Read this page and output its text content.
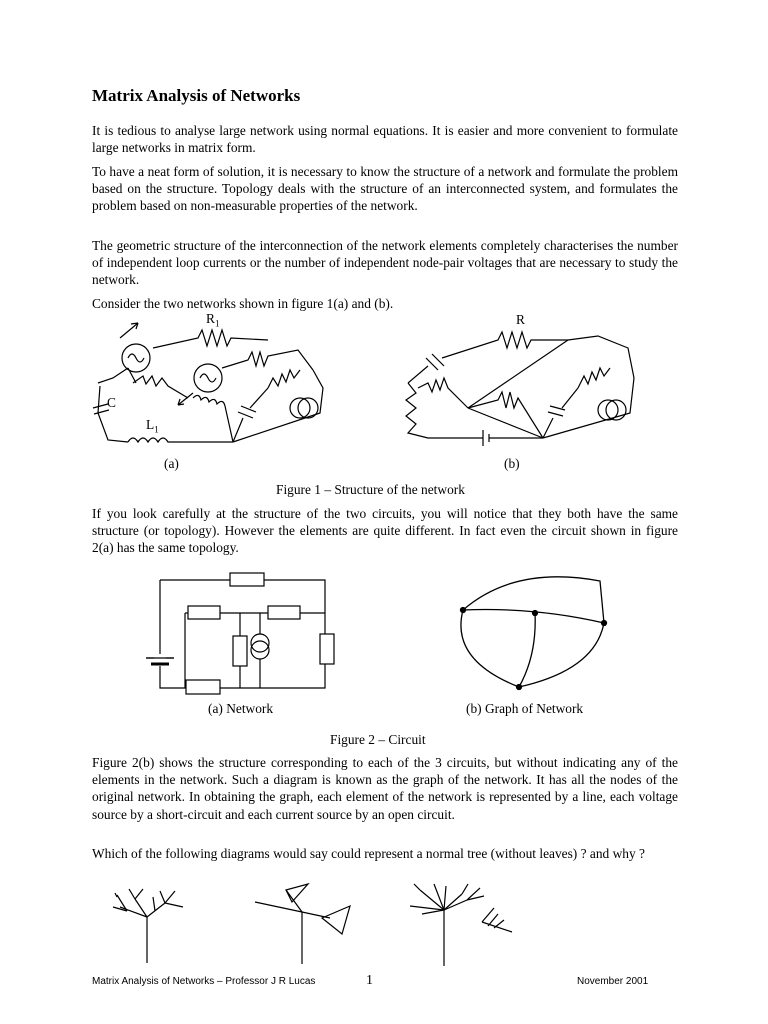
Matrix Analysis of Networks

It is tedious to analyse large network using normal equations. It is easier and more convenient to formulate large networks in matrix form.

To have a neat form of solution, it is necessary to know the structure of a network and formulate the problem based on the structure. Topology deals with the structure of an interconnected system, and formulates the problem based on non-measurable properties of the network.

The geometric structure of the interconnection of the network elements completely characterises the number of independent loop currents or the number of independent node-pair voltages that are necessary to study the network.

Consider the two networks shown in figure 1(a) and (b).

$R_1$
C
$L_1$
(a)
R
(b)
Figure 1 – Structure of the network

If you look carefully at the structure of the two circuits, you will notice that they both have the same structure (or topology). However the elements are quite different. In fact even the circuit shown in figure 2(a) has the same topology.

(a) Network	(b) Graph of Network
Figure 2 – Circuit

Figure 2(b) shows the structure corresponding to each of the 3 circuits, but without indicating any of the elements in the network. Such a diagram is known as the graph of the network. It has all the nodes of the original network. In obtaining the graph, each element of the network is represented by a line, each voltage source by a short-circuit and each current source by an open circuit.

Which of the following diagrams would say could represent a normal tree (without leaves) ? and why ?

Matrix Analysis of Networks – Professor J R Lucas	1	November 2001
